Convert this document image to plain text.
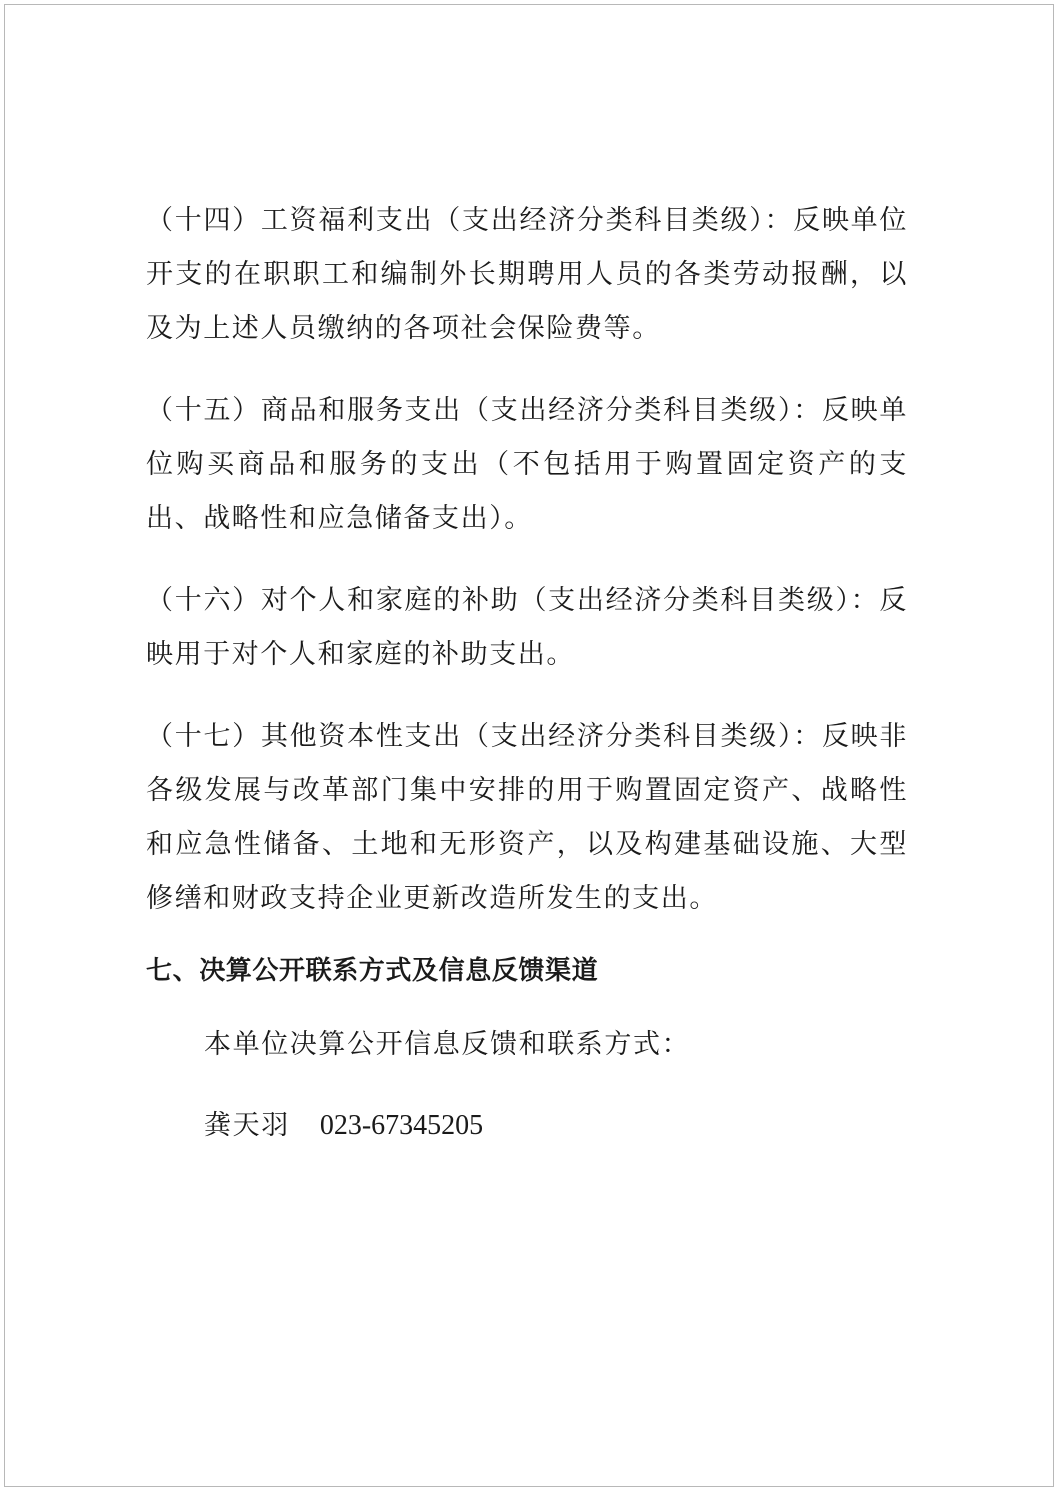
（十四）工资福利支出（支出经济分类科目类级）：反映单位开支的在职职工和编制外长期聘用人员的各类劳动报酬，以及为上述人员缴纳的各项社会保险费等。

（十五）商品和服务支出（支出经济分类科目类级）：反映单位购买商品和服务的支出（不包括用于购置固定资产的支出、战略性和应急储备支出）。

（十六）对个人和家庭的补助（支出经济分类科目类级）：反映用于对个人和家庭的补助支出。

（十七）其他资本性支出（支出经济分类科目类级）：反映非各级发展与改革部门集中安排的用于购置固定资产、战略性和应急性储备、土地和无形资产，以及构建基础设施、大型修缮和财政支持企业更新改造所发生的支出。

七、决算公开联系方式及信息反馈渠道
本单位决算公开信息反馈和联系方式：
龚天羽 023-67345205
